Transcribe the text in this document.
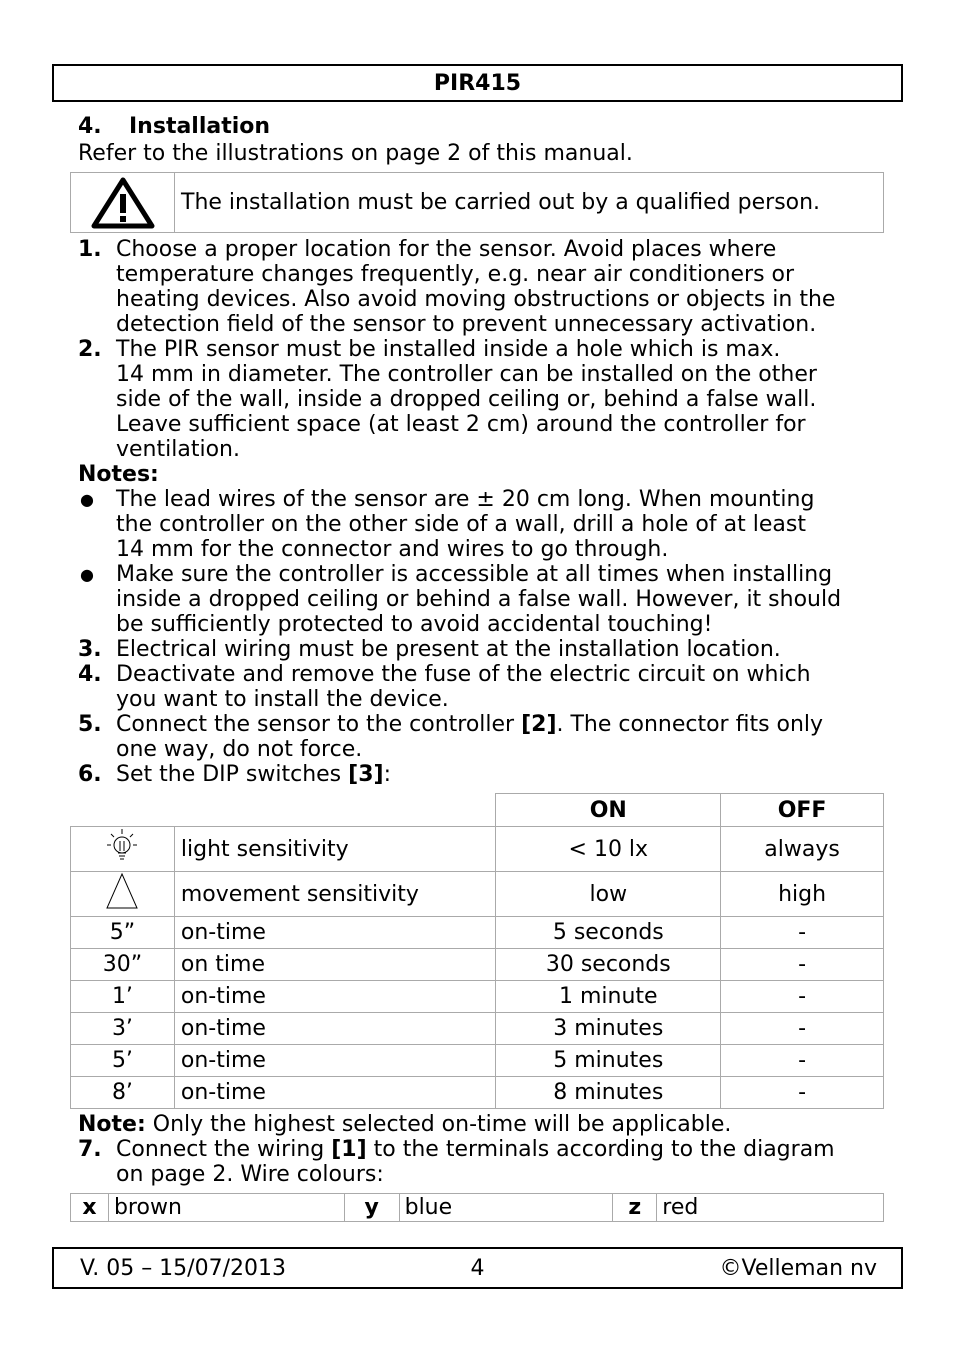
PIR415
4. Installation
Refer to the illustrations on page 2 of this manual.
The installation must be carried out by a qualified person.
1. Choose a proper location for the sensor. Avoid places where
temperature changes frequently, e.g. near air conditioners or
heating devices. Also avoid moving obstructions or objects in the
detection field of the sensor to prevent unnecessary activation.
2. The PIR sensor must be installed inside a hole which is max.
14 mm in diameter. The controller can be installed on the other
side of the wall, inside a dropped ceiling or, behind a false wall.
Leave sufficient space (at least 2 cm) around the controller for
ventilation.
Notes:
●	The lead wires of the sensor are ± 20 cm long. When mounting
the controller on the other side of a wall, drill a hole of at least
14 mm for the connector and wires to go through.
●	Make sure the controller is accessible at all times when installing
inside a dropped ceiling or behind a false wall. However, it should
be sufficiently protected to avoid accidental touching!
3. Electrical wiring must be present at the installation location.
4. Deactivate and remove the fuse of the electric circuit on which
you want to install the device.
5. Connect the sensor to the controller [2]. The connector fits only
one way, do not force.
6. Set the DIP switches [3]:
		ON	OFF
	light sensitivity	< 10 lx	always
	movement sensitivity	low	high
5”	on-time	5 seconds	-
30”	on time	30 seconds	-
1’	on-time	1 minute	-
3’	on-time	3 minutes	-
5’	on-time	5 minutes	-
8’	on-time	8 minutes	-
Note: Only the highest selected on-time will be applicable.
7. Connect the wiring [1] to the terminals according to the diagram
on page 2. Wire colours:
x	brown	y	blue	z	red
V. 05 – 15/07/2013	4	©Velleman nv
